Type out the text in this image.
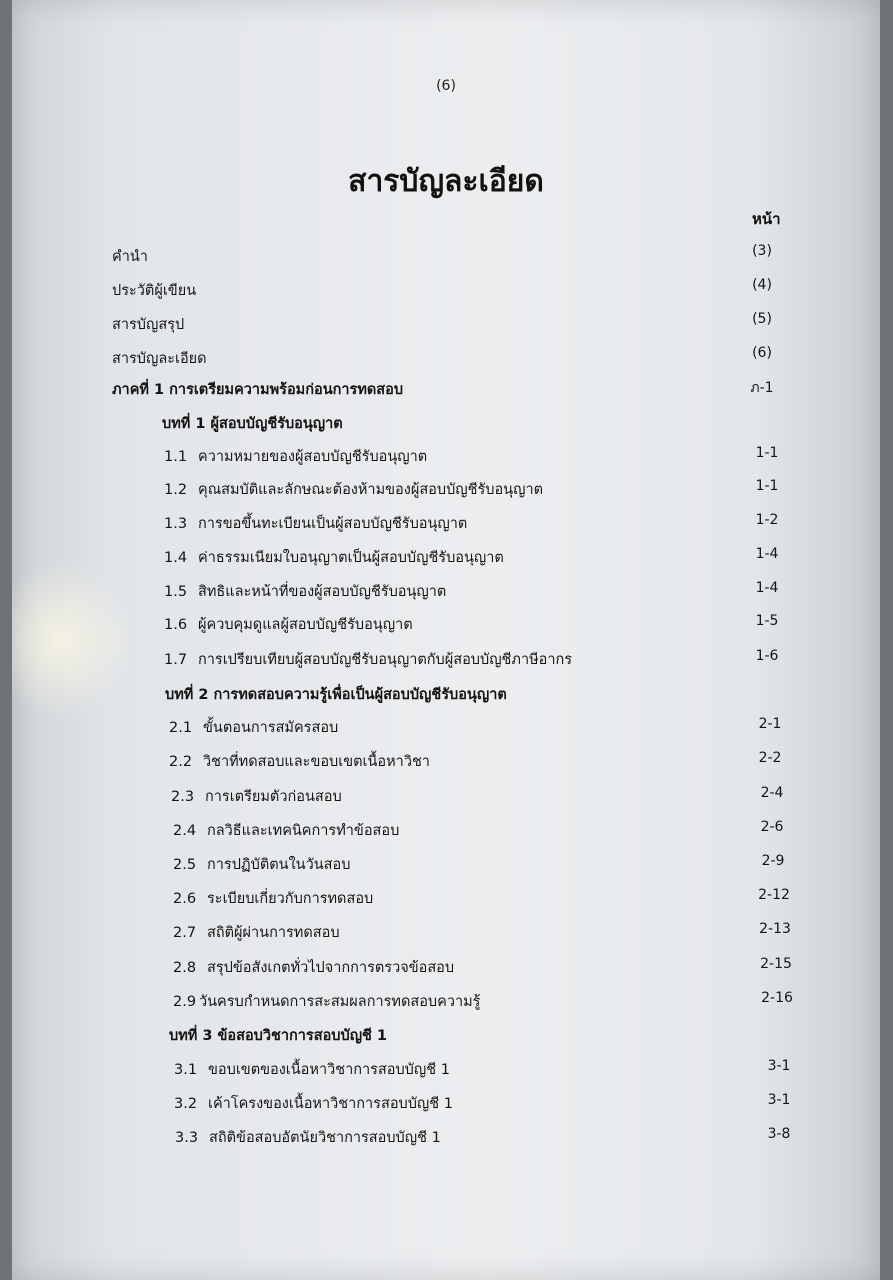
(6)
สารบัญละเอียด
หน้า
คำนำ	(3)
ประวัติผู้เขียน	(4)
สารบัญสรุป	(5)
สารบัญละเอียด	(6)
ภาคที่ 1 การเตรียมความพร้อมก่อนการทดสอบ	ภ-1
บทที่ 1 ผู้สอบบัญชีรับอนุญาต
1.1 ความหมายของผู้สอบบัญชีรับอนุญาต	1-1
1.2 คุณสมบัติและลักษณะต้องห้ามของผู้สอบบัญชีรับอนุญาต	1-1
1.3 การขอขึ้นทะเบียนเป็นผู้สอบบัญชีรับอนุญาต	1-2
1.4 ค่าธรรมเนียมใบอนุญาตเป็นผู้สอบบัญชีรับอนุญาต	1-4
1.5 สิทธิและหน้าที่ของผู้สอบบัญชีรับอนุญาต	1-4
1.6 ผู้ควบคุมดูแลผู้สอบบัญชีรับอนุญาต	1-5
1.7 การเปรียบเทียบผู้สอบบัญชีรับอนุญาตกับผู้สอบบัญชีภาษีอากร	1-6
บทที่ 2 การทดสอบความรู้เพื่อเป็นผู้สอบบัญชีรับอนุญาต
2.1 ขั้นตอนการสมัครสอบ	2-1
2.2 วิชาที่ทดสอบและขอบเขตเนื้อหาวิชา	2-2
2.3 การเตรียมตัวก่อนสอบ	2-4
2.4 กลวิธีและเทคนิคการทำข้อสอบ	2-6
2.5 การปฏิบัติตนในวันสอบ	2-9
2.6 ระเบียบเกี่ยวกับการทดสอบ	2-12
2.7 สถิติผู้ผ่านการทดสอบ	2-13
2.8 สรุปข้อสังเกตทั่วไปจากการตรวจข้อสอบ	2-15
2.9 วันครบกำหนดการสะสมผลการทดสอบความรู้	2-16
บทที่ 3 ข้อสอบวิชาการสอบบัญชี 1
3.1 ขอบเขตของเนื้อหาวิชาการสอบบัญชี 1	3-1
3.2 เค้าโครงของเนื้อหาวิชาการสอบบัญชี 1	3-1
3.3 สถิติข้อสอบอัตนัยวิชาการสอบบัญชี 1	3-8
